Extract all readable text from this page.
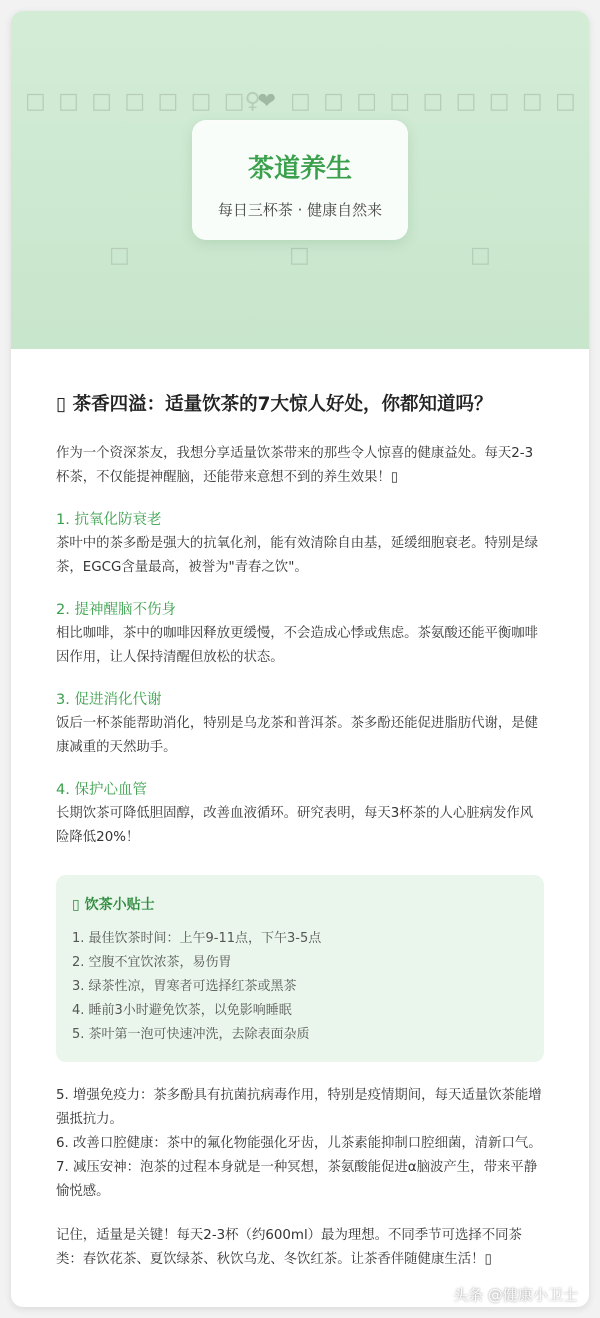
□ □ □ □ □ □ □♀
❤ □ □ □ □ □ □ □ □ □
□	□	□
茶道养生
每日三杯茶 · 健康自然来
▯ 茶香四溢：适量饮茶的7大惊人好处，你都知道吗？

作为一个资深茶友，我想分享适量饮茶带来的那些令人惊喜的健康益处。每天2-3杯茶，不仅能提神醒脑，还能带来意想不到的养生效果！▯

1. 抗氧化防衰老

茶叶中的茶多酚是强大的抗氧化剂，能有效清除自由基，延缓细胞衰老。特别是绿茶，EGCG含量最高，被誉为"青春之饮"。

2. 提神醒脑不伤身

相比咖啡，茶中的咖啡因释放更缓慢，不会造成心悸或焦虑。茶氨酸还能平衡咖啡因作用，让人保持清醒但放松的状态。

3. 促进消化代谢

饭后一杯茶能帮助消化，特别是乌龙茶和普洱茶。茶多酚还能促进脂肪代谢，是健康减重的天然助手。

4. 保护心血管

长期饮茶可降低胆固醇，改善血液循环。研究表明，每天3杯茶的人心脏病发作风险降低20%！

▯ 饮茶小贴士
1. 最佳饮茶时间：上午9-11点，下午3-5点
2. 空腹不宜饮浓茶，易伤胃
3. 绿茶性凉，胃寒者可选择红茶或黑茶
4. 睡前3小时避免饮茶，以免影响睡眠
5. 茶叶第一泡可快速冲洗，去除表面杂质

5. 增强免疫力：茶多酚具有抗菌抗病毒作用，特别是疫情期间，每天适量饮茶能增强抵抗力。

6. 改善口腔健康：茶中的氟化物能强化牙齿，儿茶素能抑制口腔细菌，清新口气。

7. 减压安神：泡茶的过程本身就是一种冥想，茶氨酸能促进α脑波产生，带来平静愉悦感。

记住，适量是关键！每天2-3杯（约600ml）最为理想。不同季节可选择不同茶类：春饮花茶、夏饮绿茶、秋饮乌龙、冬饮红茶。让茶香伴随健康生活！▯

头条 @健康小卫士
